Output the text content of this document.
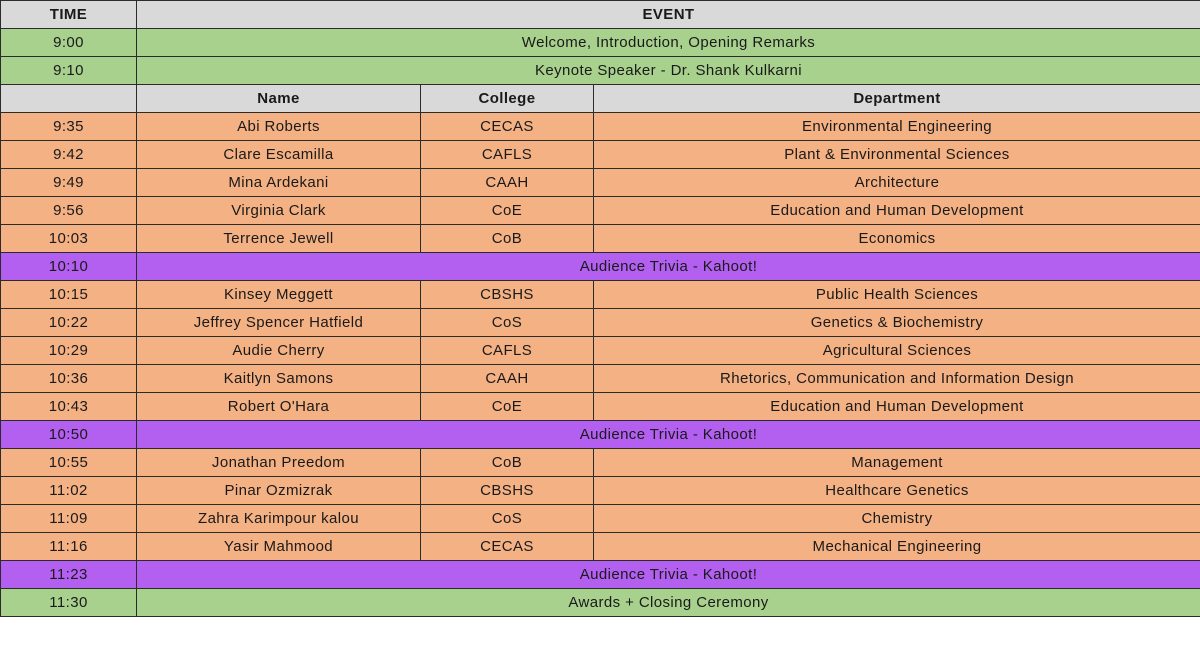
TIME	EVENT		
9:00	Welcome, Introduction, Opening Remarks		
9:10	Keynote Speaker - Dr. Shank Kulkarni		
	Name	College	Department
9:35	Abi Roberts	CECAS	Environmental Engineering
9:42	Clare Escamilla	CAFLS	Plant & Environmental Sciences
9:49	Mina Ardekani	CAAH	Architecture
9:56	Virginia Clark	CoE	Education and Human Development
10:03	Terrence Jewell	CoB	Economics
10:10	Audience Trivia - Kahoot!		
10:15	Kinsey Meggett	CBSHS	Public Health Sciences
10:22	Jeffrey Spencer Hatfield	CoS	Genetics & Biochemistry
10:29	Audie Cherry	CAFLS	Agricultural Sciences
10:36	Kaitlyn Samons	CAAH	Rhetorics, Communication and Information Design
10:43	Robert O'Hara	CoE	Education and Human Development
10:50	Audience Trivia - Kahoot!		
10:55	Jonathan Preedom	CoB	Management
11:02	Pinar Ozmizrak	CBSHS	Healthcare Genetics
11:09	Zahra Karimpour kalou	CoS	Chemistry
11:16	Yasir Mahmood	CECAS	Mechanical Engineering
11:23	Audience Trivia - Kahoot!		
11:30	Awards + Closing Ceremony		
